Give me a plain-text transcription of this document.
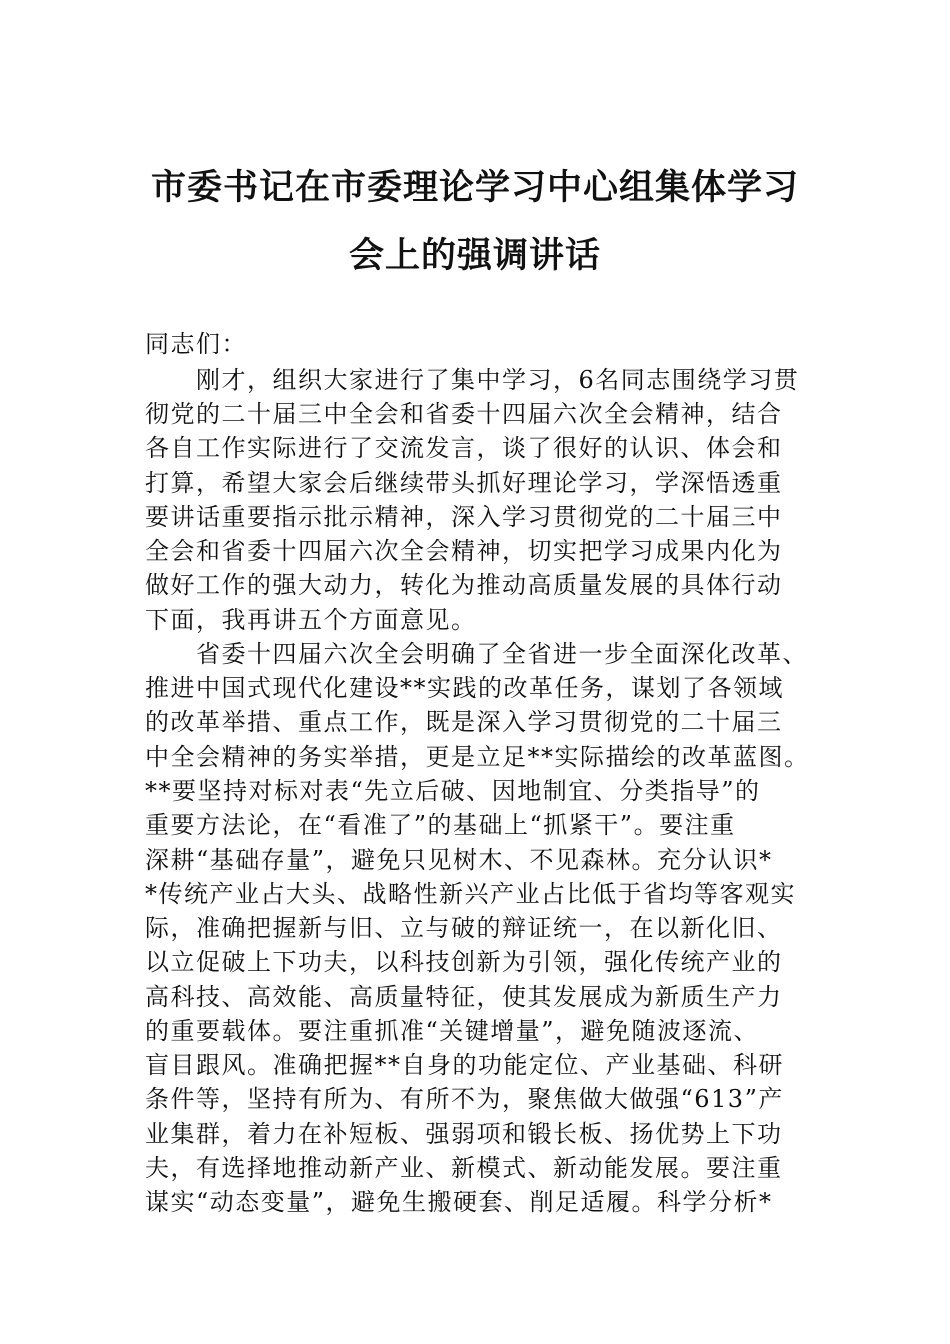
市委书记在市委理论学习中心组集体学习
会上的强调讲话
同志们：
　　刚才，组织大家进行了集中学习，6名同志围绕学习贯
彻党的二十届三中全会和省委十四届六次全会精神，结合
各自工作实际进行了交流发言，谈了很好的认识、体会和
打算，希望大家会后继续带头抓好理论学习，学深悟透重
要讲话重要指示批示精神，深入学习贯彻党的二十届三中
全会和省委十四届六次全会精神，切实把学习成果内化为
做好工作的强大动力，转化为推动高质量发展的具体行动
下面，我再讲五个方面意见。
　　省委十四届六次全会明确了全省进一步全面深化改革、
推进中国式现代化建设**实践的改革任务，谋划了各领域
的改革举措、重点工作，既是深入学习贯彻党的二十届三
中全会精神的务实举措，更是立足**实际描绘的改革蓝图。
**要坚持对标对表“先立后破、因地制宜、分类指导”的
重要方法论，在“看准了”的基础上“抓紧干”。要注重
深耕“基础存量”，避免只见树木、不见森林。充分认识*
*传统产业占大头、战略性新兴产业占比低于省均等客观实
际，准确把握新与旧、立与破的辩证统一，在以新化旧、
以立促破上下功夫，以科技创新为引领，强化传统产业的
高科技、高效能、高质量特征，使其发展成为新质生产力
的重要载体。要注重抓准“关键增量”，避免随波逐流、
盲目跟风。准确把握**自身的功能定位、产业基础、科研
条件等，坚持有所为、有所不为，聚焦做大做强“613”产
业集群，着力在补短板、强弱项和锻长板、扬优势上下功
夫，有选择地推动新产业、新模式、新动能发展。要注重
谋实“动态变量”，避免生搬硬套、削足适履。科学分析*
